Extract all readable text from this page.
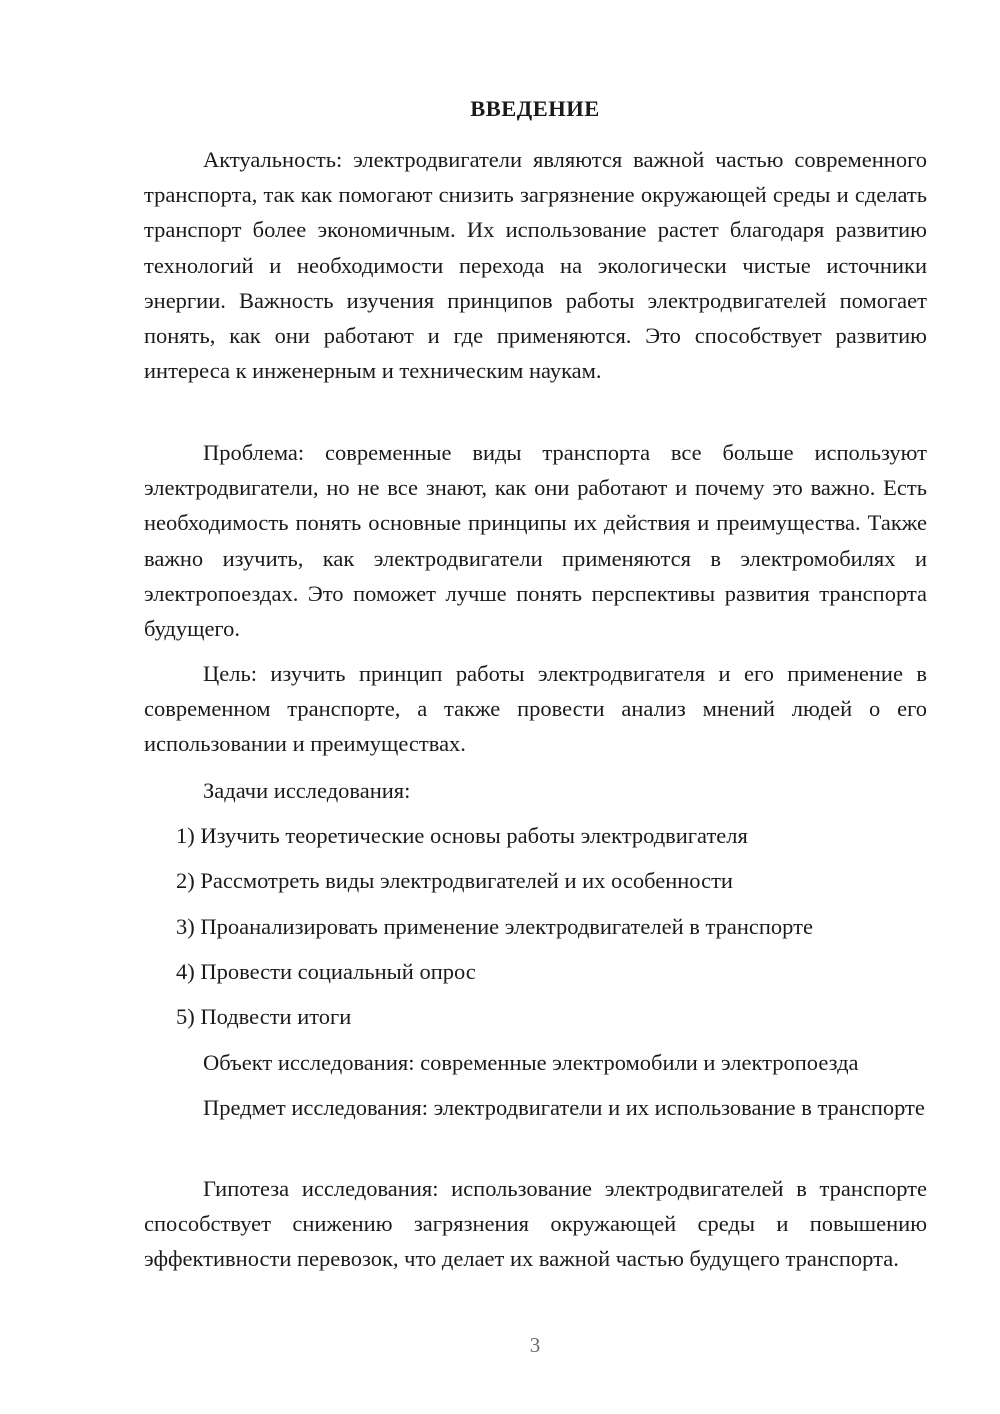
ВВЕДЕНИЕ

Актуальность: электродвигатели являются важной частью современного транспорта, так как помогают снизить загрязнение окружающей среды и сделать транспорт более экономичным. Их использование растет благодаря развитию технологий и необходимости перехода на экологически чистые источники энергии. Важность изучения принципов работы электродвигателей помогает понять, как они работают и где применяются. Это способствует развитию интереса к инженерным и техническим наукам.

Проблема: современные виды транспорта все больше используют электродвигатели, но не все знают, как они работают и почему это важно. Есть необходимость понять основные принципы их действия и преимущества. Также важно изучить, как электродвигатели применяются в электромобилях и электропоездах. Это поможет лучше понять перспективы развития транспорта будущего.

Цель: изучить принцип работы электродвигателя и его применение в современном транспорте, а также провести анализ мнений людей о его использовании и преимуществах.

Задачи исследования:

1) Изучить теоретические основы работы электродвигателя

2) Рассмотреть виды электродвигателей и их особенности

3) Проанализировать применение электродвигателей в транспорте

4) Провести социальный опрос

5) Подвести итоги

Объект исследования: современные электромобили и электропоезда

Предмет исследования: электродвигатели и их использование в транспорте

Гипотеза исследования: использование электродвигателей в транспорте способствует снижению загрязнения окружающей среды и повышению эффективности перевозок, что делает их важной частью будущего транспорта.

3
